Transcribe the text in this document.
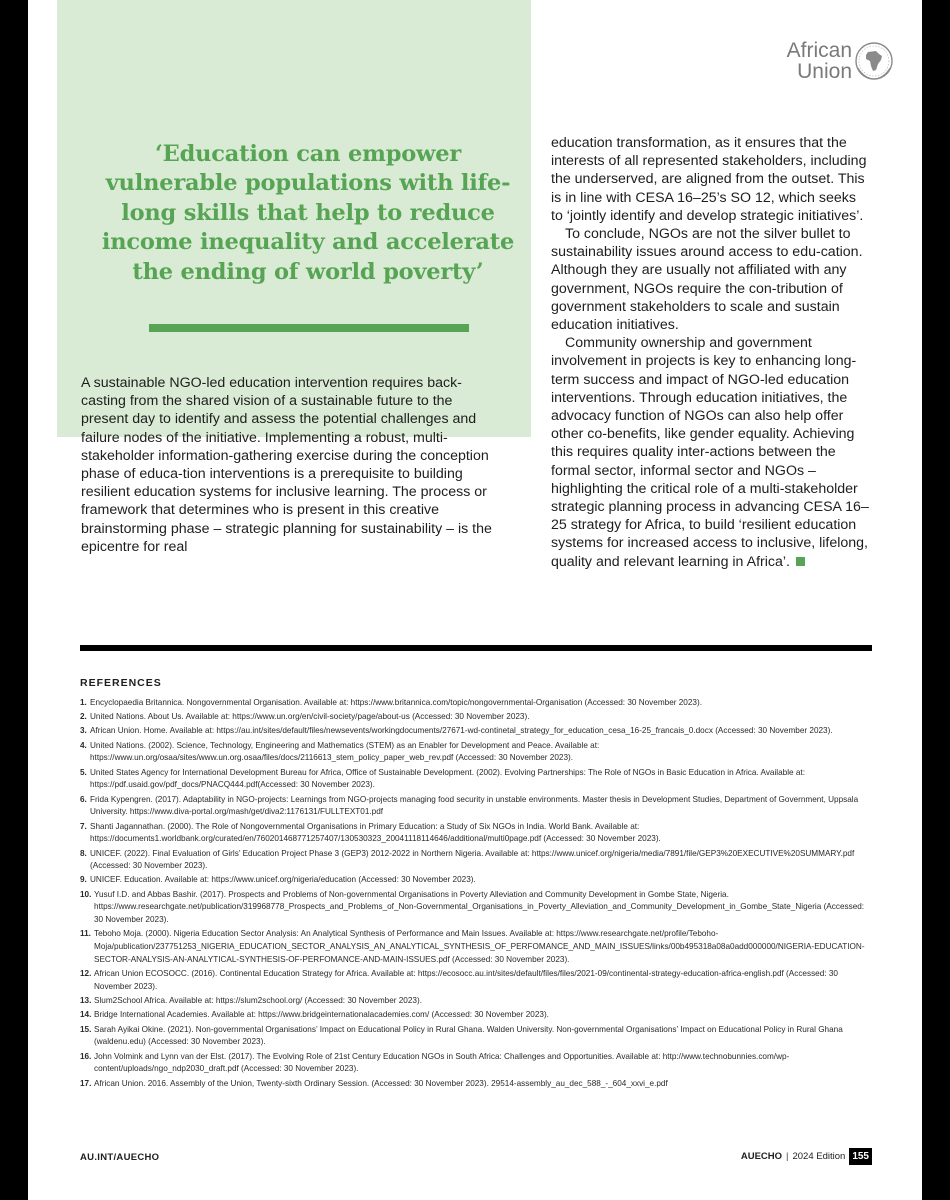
African
Union
‘Education can empower vulnerable populations with life-long skills that help to reduce income inequality and accelerate the ending of world poverty’

A sustainable NGO-led education intervention requires back-casting from the shared vision of a sustainable future to the present day to identify and assess the potential challenges and failure nodes of the initiative. Implementing a robust, multi-stakeholder information-gathering exercise during the conception phase of educa-tion interventions is a prerequisite to building resilient education systems for inclusive learning. The process or framework that determines who is present in this creative brainstorming phase – strategic planning for sustainability – is the epicentre for real

education transformation, as it ensures that the interests of all represented stakeholders, including the underserved, are aligned from the outset. This is in line with CESA 16–25’s SO 12, which seeks to ‘jointly identify and develop strategic initiatives’.

To conclude, NGOs are not the silver bullet to sustainability issues around access to edu-cation. Although they are usually not affiliated with any government, NGOs require the con-tribution of government stakeholders to scale and sustain education initiatives.

Community ownership and government involvement in projects is key to enhancing long-term success and impact of NGO-led education interventions. Through education initiatives, the advocacy function of NGOs can also help offer other co-benefits, like gender equality. Achieving this requires quality inter-actions between the formal sector, informal sector and NGOs – highlighting the critical role of a multi-stakeholder strategic planning process in advancing CESA 16–25 strategy for Africa, to build ‘resilient education systems for increased access to inclusive, lifelong, quality and relevant learning in Africa’.

REFERENCES
1. Encyclopaedia Britannica. Nongovernmental Organisation. Available at: https://www.britannica.com/topic/nongovernmental-Organisation (Accessed: 30 November 2023).
2. United Nations. About Us. Available at: https://www.un.org/en/civil-society/page/about-us (Accessed: 30 November 2023).
3. African Union. Home. Available at: https://au.int/sites/default/files/newsevents/workingdocuments/27671-wd-continetal_strategy_for_education_cesa_16-25_francais_0.docx (Accessed: 30 November 2023).
4. United Nations. (2002). Science, Technology, Engineering and Mathematics (STEM) as an Enabler for Development and Peace. Available at: https://www.un.org/osaa/sites/www.un.org.osaa/files/docs/2116613_stem_policy_paper_web_rev.pdf (Accessed: 30 November 2023).
5. United States Agency for International Development Bureau for Africa, Office of Sustainable Development. (2002). Evolving Partnerships: The Role of NGOs in Basic Education in Africa. Available at: https://pdf.usaid.gov/pdf_docs/PNACQ444.pdf(Accessed: 30 November 2023).
6. Frida Kypengren. (2017). Adaptability in NGO-projects: Learnings from NGO-projects managing food security in unstable environments. Master thesis in Development Studies, Department of Government, Uppsala University. https://www.diva-portal.org/mash/get/diva2:1176131/FULLTEXT01.pdf
7. Shanti Jagannathan. (2000). The Role of Nongovernmental Organisations in Primary Education: a Study of Six NGOs in India. World Bank. Available at: https://documents1.worldbank.org/curated/en/760201468771257407/130530323_20041118114646/additional/multi0page.pdf (Accessed: 30 November 2023).
8. UNICEF. (2022). Final Evaluation of Girls’ Education Project Phase 3 (GEP3) 2012-2022 in Northern Nigeria. Available at: https://www.unicef.org/nigeria/media/7891/file/GEP3%20EXECUTIVE%20SUMMARY.pdf (Accessed: 30 November 2023).
9. UNICEF. Education. Available at: https://www.unicef.org/nigeria/education (Accessed: 30 November 2023).
10. Yusuf I.D. and Abbas Bashir. (2017). Prospects and Problems of Non-governmental Organisations in Poverty Alleviation and Community Development in Gombe State, Nigeria. https://www.researchgate.net/publication/319968778_Prospects_and_Problems_of_Non-Governmental_Organisations_in_Poverty_Alleviation_and_Community_Development_in_Gombe_State_Nigeria (Accessed: 30 November 2023).
11. Teboho Moja. (2000). Nigeria Education Sector Analysis: An Analytical Synthesis of Performance and Main Issues. Available at: https://www.researchgate.net/profile/Teboho-Moja/publication/237751253_NIGERIA_EDUCATION_SECTOR_ANALYSIS_AN_ANALYTICAL_SYNTHESIS_OF_PERFOMANCE_AND_MAIN_ISSUES/links/00b495318a08a0add000000/NIGERIA-EDUCATION-SECTOR-ANALYSIS-AN-ANALYTICAL-SYNTHESIS-OF-PERFOMANCE-AND-MAIN-ISSUES.pdf (Accessed: 30 November 2023).
12. African Union ECOSOCC. (2016). Continental Education Strategy for Africa. Available at: https://ecosocc.au.int/sites/default/files/files/2021-09/continental-strategy-education-africa-english.pdf (Accessed: 30 November 2023).
13. Slum2School Africa. Available at: https://slum2school.org/ (Accessed: 30 November 2023).
14. Bridge International Academies. Available at: https://www.bridgeinternationalacademies.com/ (Accessed: 30 November 2023).
15. Sarah Ayikai Okine. (2021). Non-governmental Organisations’ Impact on Educational Policy in Rural Ghana. Walden University. Non-governmental Organisations’ Impact on Educational Policy in Rural Ghana (waldenu.edu) (Accessed: 30 November 2023).
16. John Volmink and Lynn van der Elst. (2017). The Evolving Role of 21st Century Education NGOs in South Africa: Challenges and Opportunities. Available at: http://www.technobunnies.com/wp-content/uploads/ngo_ndp2030_draft.pdf (Accessed: 30 November 2023).
17. African Union. 2016. Assembly of the Union, Twenty-sixth Ordinary Session. (Accessed: 30 November 2023). 29514-assembly_au_dec_588_-_604_xxvi_e.pdf
AU.INT/AUECHO	AUECHO | 2024 Edition 155
